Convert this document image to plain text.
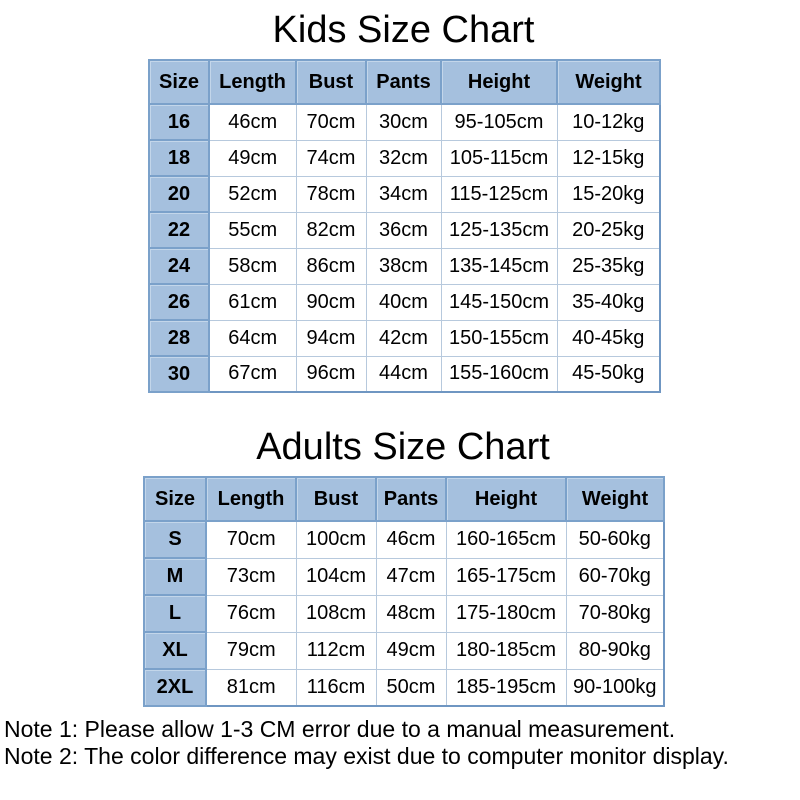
Kids Size Chart
Size	Length	Bust	Pants	Height	Weight
16	46cm	70cm	30cm	95-105cm	10-12kg
18	49cm	74cm	32cm	105-115cm	12-15kg
20	52cm	78cm	34cm	115-125cm	15-20kg
22	55cm	82cm	36cm	125-135cm	20-25kg
24	58cm	86cm	38cm	135-145cm	25-35kg
26	61cm	90cm	40cm	145-150cm	35-40kg
28	64cm	94cm	42cm	150-155cm	40-45kg
30	67cm	96cm	44cm	155-160cm	45-50kg
Adults Size Chart
Size	Length	Bust	Pants	Height	Weight
S	70cm	100cm	46cm	160-165cm	50-60kg
M	73cm	104cm	47cm	165-175cm	60-70kg
L	76cm	108cm	48cm	175-180cm	70-80kg
XL	79cm	112cm	49cm	180-185cm	80-90kg
2XL	81cm	116cm	50cm	185-195cm	90-100kg
Note 1: Please allow 1-3 CM error due to a manual measurement.
Note 2: The color difference may exist due to computer monitor display.
